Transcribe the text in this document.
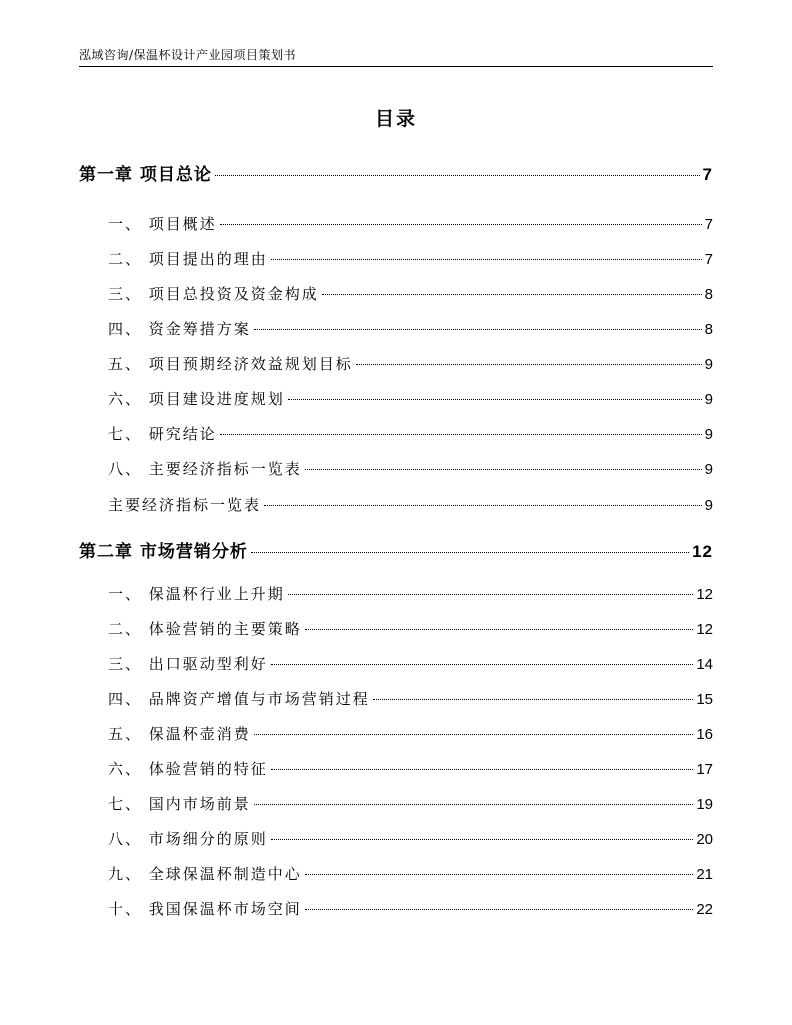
泓域咨询/保温杯设计产业园项目策划书
目录
第一章 项目总论	7
一、 项目概述	7
二、 项目提出的理由	7
三、 项目总投资及资金构成	8
四、 资金筹措方案	8
五、 项目预期经济效益规划目标	9
六、 项目建设进度规划	9
七、 研究结论	9
八、 主要经济指标一览表	9
主要经济指标一览表	9
第二章 市场营销分析	12
一、 保温杯行业上升期	12
二、 体验营销的主要策略	12
三、 出口驱动型利好	14
四、 品牌资产增值与市场营销过程	15
五、 保温杯壶消费	16
六、 体验营销的特征	17
七、 国内市场前景	19
八、 市场细分的原则	20
九、 全球保温杯制造中心	21
十、 我国保温杯市场空间	22
